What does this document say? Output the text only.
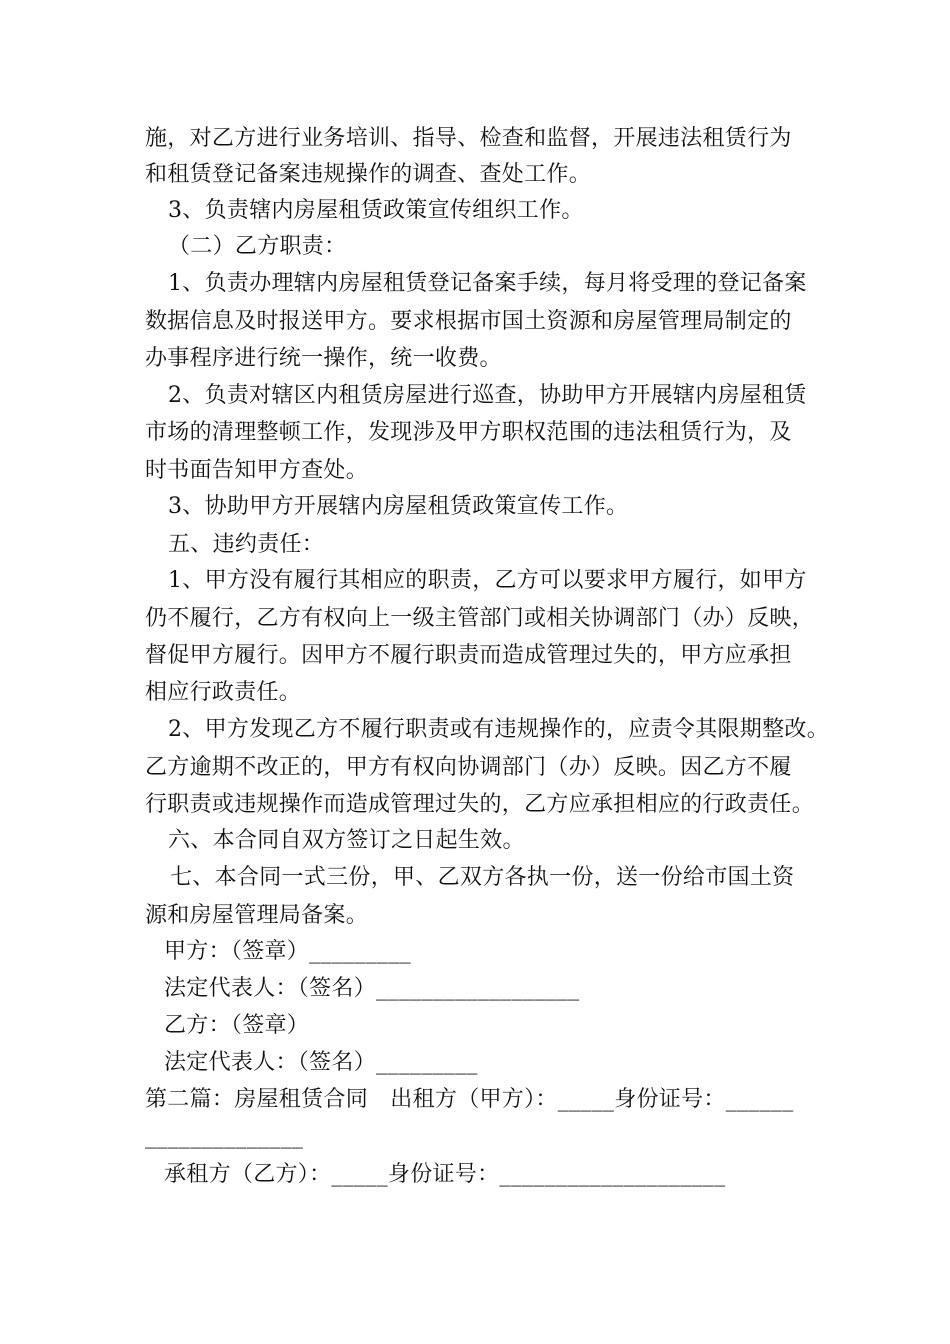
施，对乙方进行业务培训、指导、检查和监督，开展违法租赁行为
和租赁登记备案违规操作的调查、查处工作。
3、负责辖内房屋租赁政策宣传组织工作。
（二）乙方职责：
1、负责办理辖内房屋租赁登记备案手续，每月将受理的登记备案
数据信息及时报送甲方。要求根据市国土资源和房屋管理局制定的
办事程序进行统一操作，统一收费。
2、负责对辖区内租赁房屋进行巡查，协助甲方开展辖内房屋租赁
市场的清理整顿工作，发现涉及甲方职权范围的违法租赁行为，及
时书面告知甲方查处。
3、协助甲方开展辖内房屋租赁政策宣传工作。
五、违约责任：
1、甲方没有履行其相应的职责，乙方可以要求甲方履行，如甲方
仍不履行，乙方有权向上一级主管部门或相关协调部门（办）反映，
督促甲方履行。因甲方不履行职责而造成管理过失的，甲方应承担
相应行政责任。
2、甲方发现乙方不履行职责或有违规操作的，应责令其限期整改。
乙方逾期不改正的，甲方有权向协调部门（办）反映。因乙方不履
行职责或违规操作而造成管理过失的，乙方应承担相应的行政责任。
六、本合同自双方签订之日起生效。
七、本合同一式三份，甲、乙双方各执一份，送一份给市国土资
源和房屋管理局备案。
甲方：（签章）_________
法定代表人：（签名）__________________
乙方：（签章）
法定代表人：（签名）_________
第二篇：房屋租赁合同　出租方（甲方）：_____身份证号：______
______________
承租方（乙方）：_____身份证号：____________________
